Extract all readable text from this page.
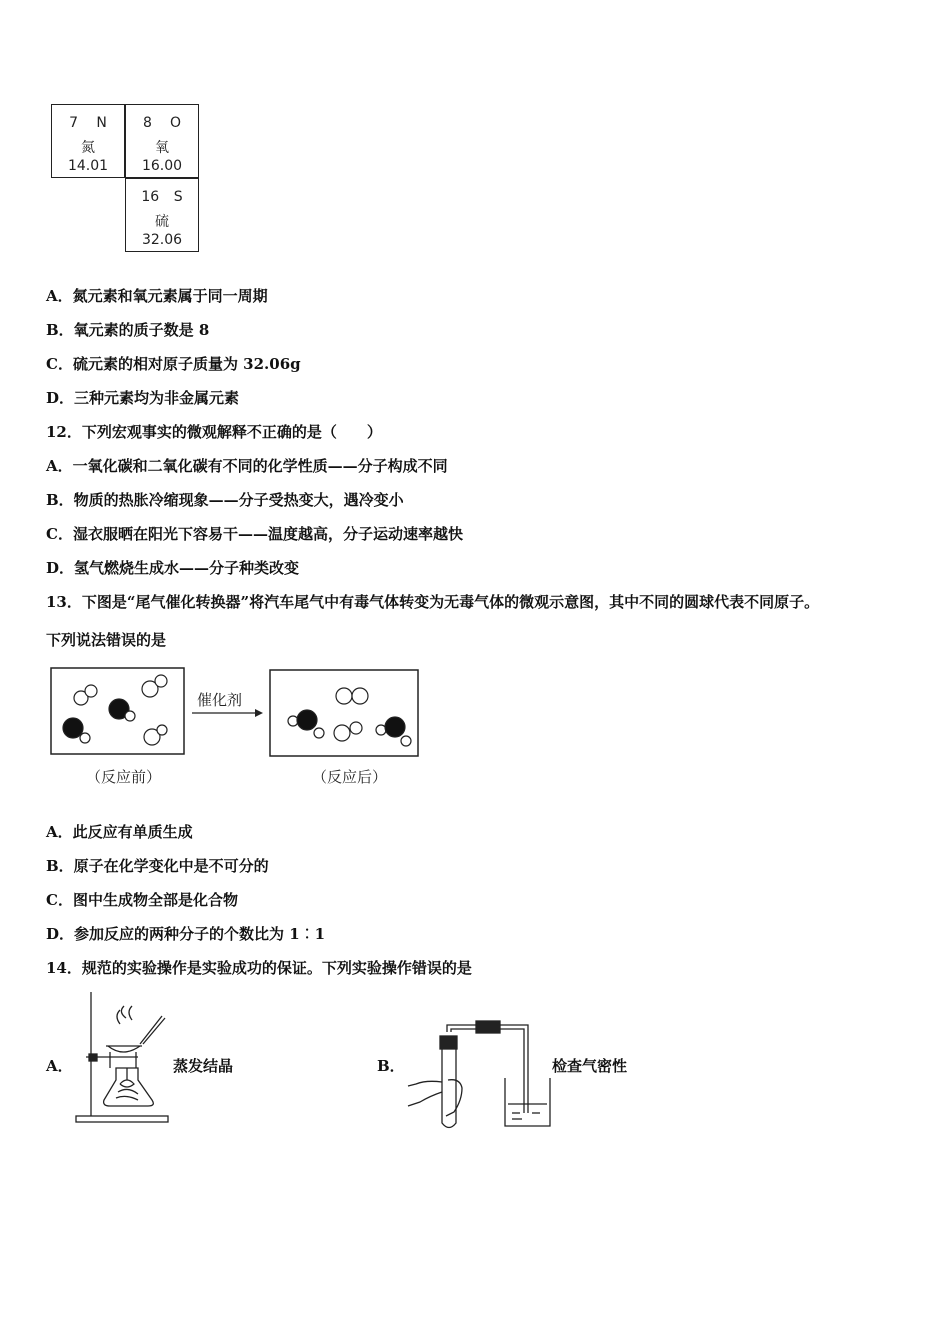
7 N
氮
14.01
8 O
氧
16.00
16 S
硫
32.06
A．氮元素和氧元素属于同一周期
B．氧元素的质子数是 8
C．硫元素的相对原子质量为 32.06g
D．三种元素均为非金属元素
12．下列宏观事实的微观解释不正确的是（　　）
A．一氧化碳和二氧化碳有不同的化学性质——分子构成不同
B．物质的热胀冷缩现象——分子受热变大，遇冷变小
C．湿衣服晒在阳光下容易干——温度越高，分子运动速率越快
D．氢气燃烧生成水——分子种类改变
13．下图是“尾气催化转换器”将汽车尾气中有毒气体转变为无毒气体的微观示意图，其中不同的圆球代表不同原子。
下列说法错误的是
催化剂
（反应前）	（反应后）
A．此反应有单质生成
B．原子在化学变化中是不可分的
C．图中生成物全部是化合物
D．参加反应的两种分子的个数比为 1︰1
14．规范的实验操作是实验成功的保证。下列实验操作错误的是
A．	蒸发结晶	B．	检查气密性
